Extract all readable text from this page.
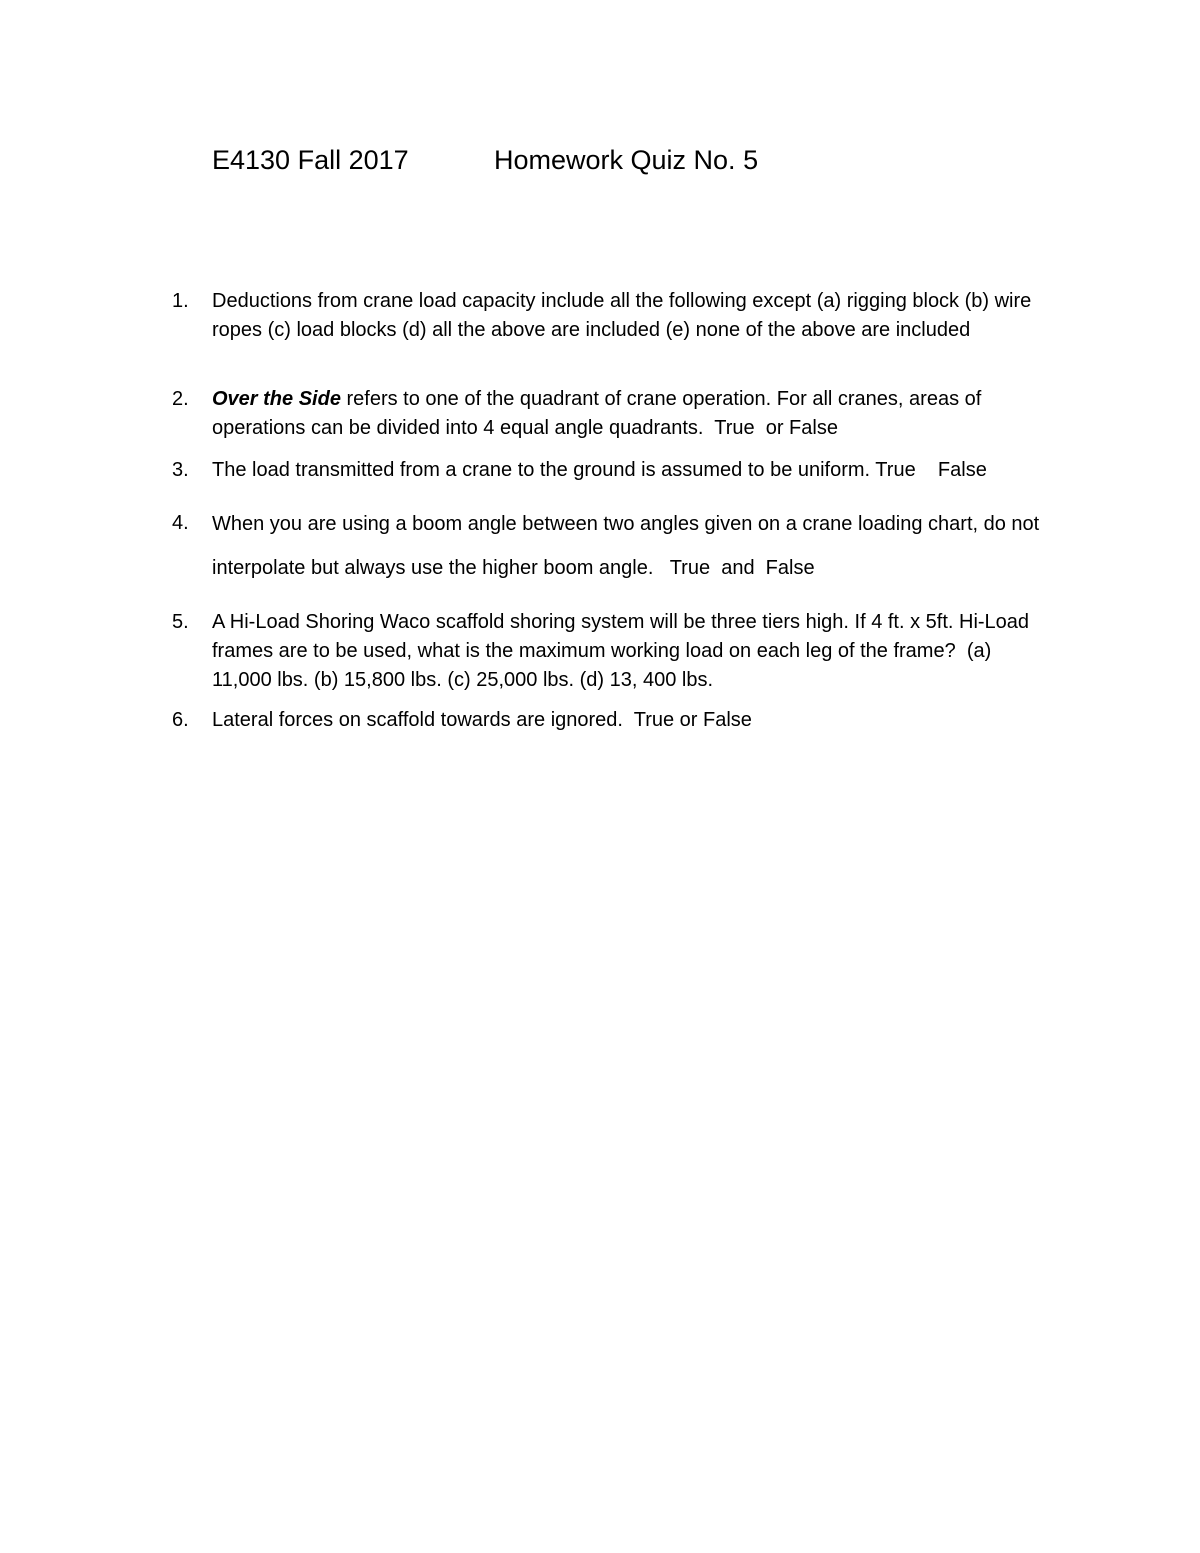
E4130 Fall 2017	Homework Quiz No. 5
1.	Deductions from crane load capacity include all the following except (a) rigging block (b) wire ropes (c) load blocks (d) all the above are included (e) none of the above are included
2.	Over the Side refers to one of the quadrant of crane operation. For all cranes, areas of operations can be divided into 4 equal angle quadrants.  True  or False
3.	The load transmitted from a crane to the ground is assumed to be uniform. True    False
4.	When you are using a boom angle between two angles given on a crane loading chart, do not interpolate but always use the higher boom angle.   True  and  False
5.	A Hi-Load Shoring Waco scaffold shoring system will be three tiers high. If 4 ft. x 5ft. Hi-Load frames are to be used, what is the maximum working load on each leg of the frame?  (a) 11,000 lbs. (b) 15,800 lbs. (c) 25,000 lbs. (d) 13, 400 lbs.
6.	Lateral forces on scaffold towards are ignored.  True or False
